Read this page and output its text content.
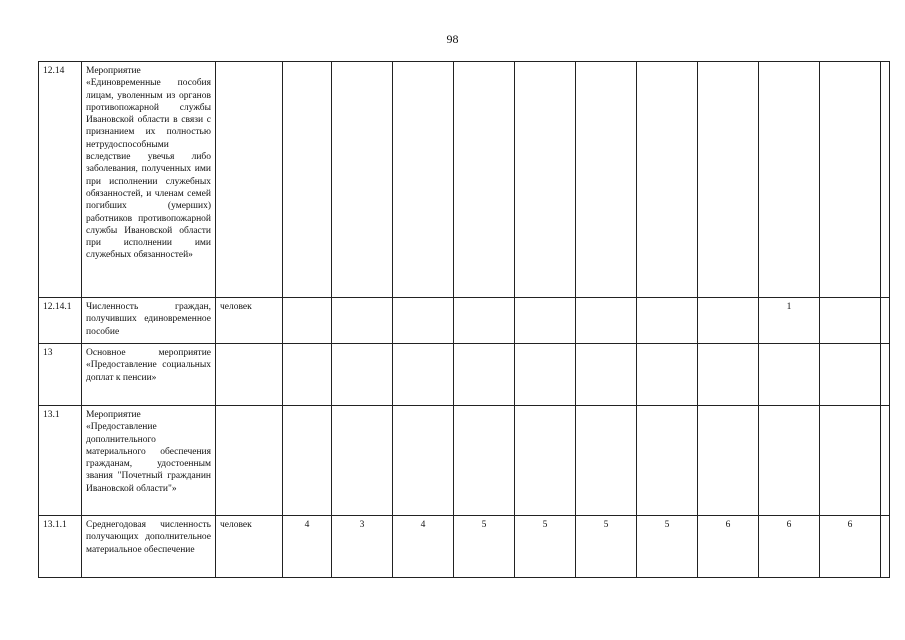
98
12.14	Мероприятие «Единовременные пособия лицам, уволенным из органов противопожарной службы Ивановской области в связи с признанием их полностью нетрудоспособными вследствие увечья либо заболевания, полученных ими при исполнении служебных обязанностей, и членам семей погибших (умерших) работников противопожарной службы Ивановской области при исполнении ими служебных обязанностей»												
12.14.1	Численность граждан, получивших единовременное пособие	человек									1		
13	Основное мероприятие «Предоставление социальных доплат к пенсии»												
13.1	Мероприятие «Предоставление дополнительного материального обеспечения гражданам, удостоенным звания "Почетный гражданин Ивановской области"»												
13.1.1	Среднегодовая численность получающих дополнительное материальное обеспечение	человек	4	3	4	5	5	5	5	6	6	6	
